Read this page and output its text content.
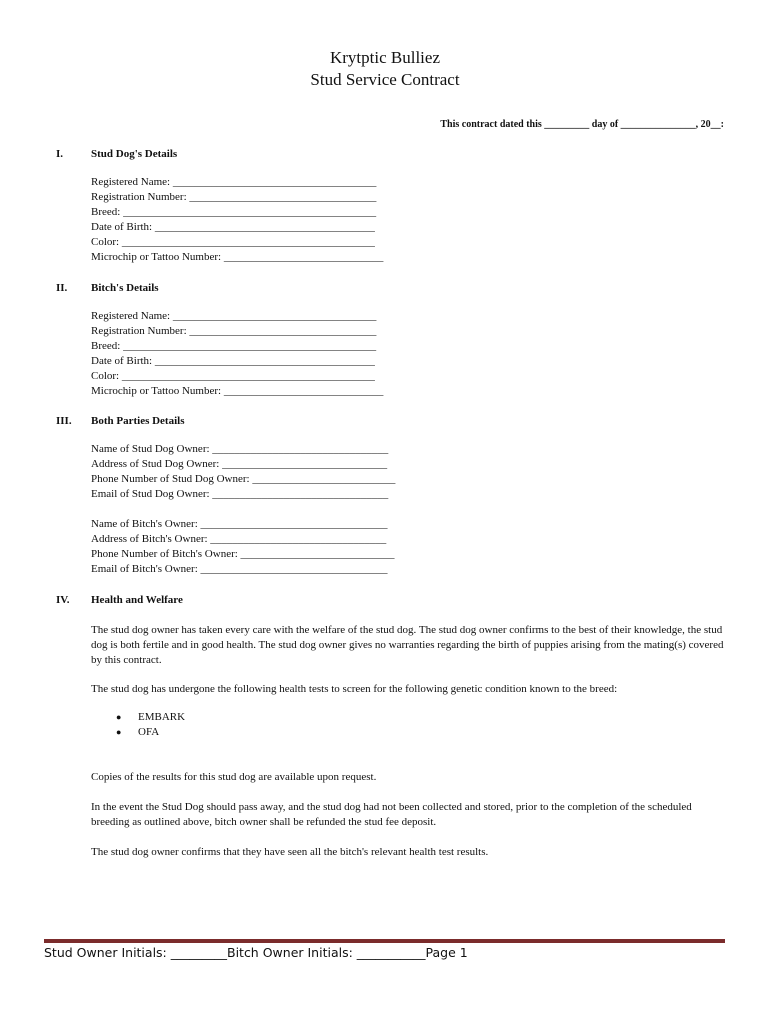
Krytptic Bulliez
Stud Service Contract
This contract dated this _________ day of _______________, 20__:
I.	Stud Dog's Details
Registered Name: _____________________________________
Registration Number: __________________________________
Breed: ______________________________________________
Date of Birth: ________________________________________
Color: ______________________________________________
Microchip or Tattoo Number: _____________________________
II.	Bitch's Details
Registered Name: _____________________________________
Registration Number: __________________________________
Breed: ______________________________________________
Date of Birth: ________________________________________
Color: ______________________________________________
Microchip or Tattoo Number: _____________________________
III.	Both Parties Details
Name of Stud Dog Owner: ________________________________
Address of Stud Dog Owner: ______________________________
Phone Number of Stud Dog Owner: __________________________
Email of Stud Dog Owner: ________________________________
Name of Bitch's Owner: __________________________________
Address of Bitch's Owner: ________________________________
Phone Number of Bitch's Owner: ____________________________
Email of Bitch's Owner: __________________________________
IV.	Health and Welfare
The stud dog owner has taken every care with the welfare of the stud dog. The stud dog owner confirms to the best of their knowledge, the stud dog is both fertile and in good health. The stud dog owner gives no warranties regarding the birth of puppies arising from the mating(s) covered by this contract.
The stud dog has undergone the following health tests to screen for the following genetic condition known to the breed:
●	EMBARK
●	OFA
Copies of the results for this stud dog are available upon request.
In the event the Stud Dog should pass away, and the stud dog had not been collected and stored, prior to the completion of the scheduled breeding as outlined above, bitch owner shall be refunded the stud fee deposit.
The stud dog owner confirms that they have seen all the bitch's relevant health test results.
Stud Owner Initials: _________Bitch Owner Initials: ___________Page 1
